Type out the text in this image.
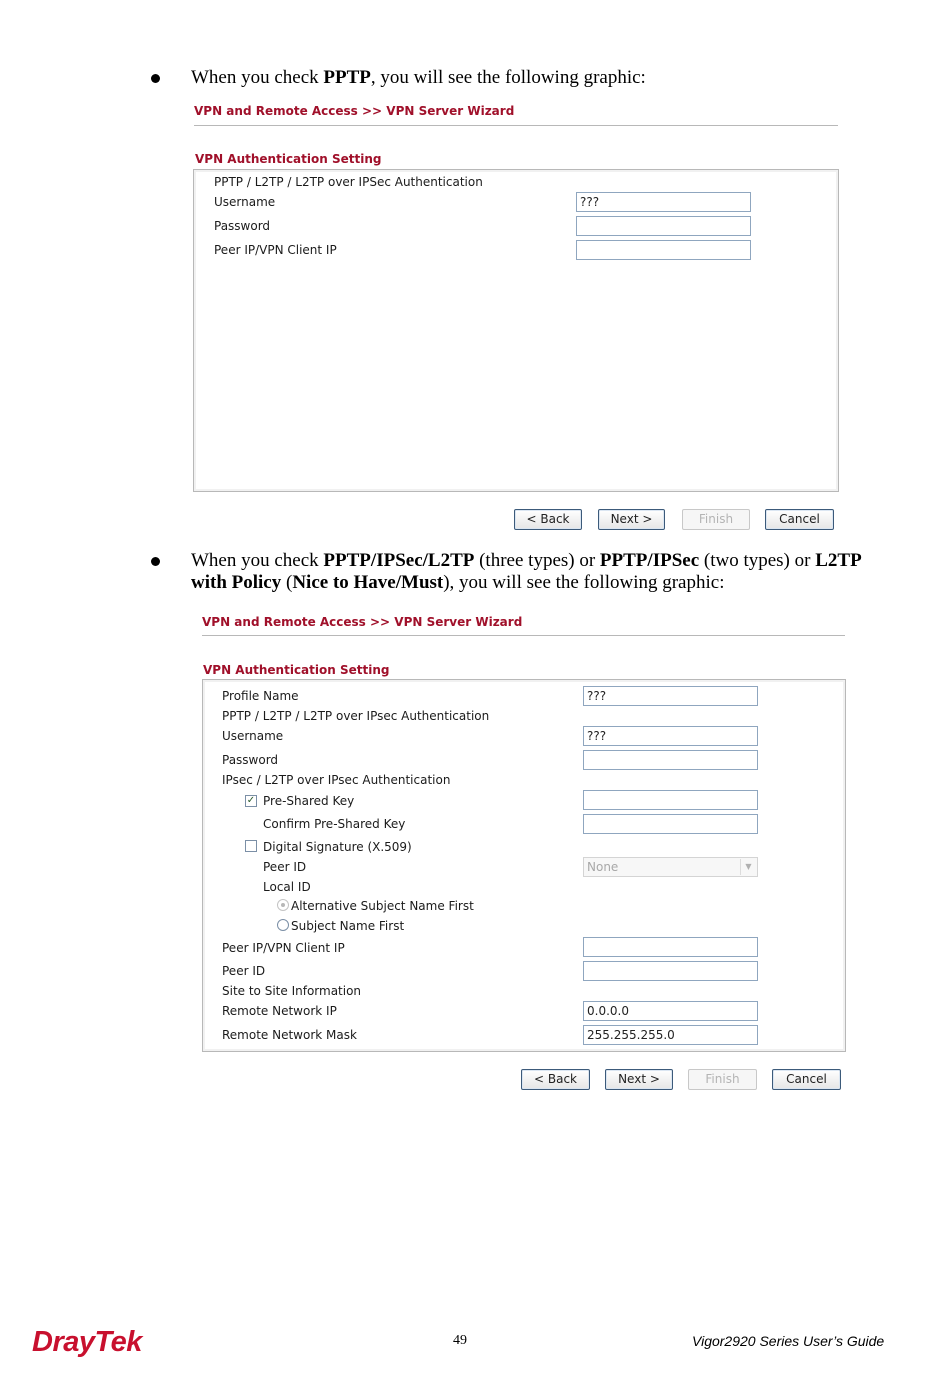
When you check PPTP, you will see the following graphic:
VPN and Remote Access >> VPN Server Wizard
VPN Authentication Setting
PPTP / L2TP / L2TP over IPSec Authentication
Username	???
Password
Peer IP/VPN Client IP
< Back	Next >	Finish	Cancel
When you check PPTP/IPSec/L2TP (three types) or PPTP/IPSec (two types) or L2TP
with Policy (Nice to Have/Must), you will see the following graphic:
VPN and Remote Access >> VPN Server Wizard
VPN Authentication Setting
Profile Name	???
PPTP / L2TP / L2TP over IPsec Authentication
Username	???
Password
IPsec / L2TP over IPsec Authentication
✓ Pre-Shared Key
Confirm Pre-Shared Key
Digital Signature (X.509)
Peer ID	None	▼
Local ID
Alternative Subject Name First
Subject Name First
Peer IP/VPN Client IP
Peer ID
Site to Site Information
Remote Network IP	0.0.0.0
Remote Network Mask	255.255.255.0
< Back	Next >	Finish	Cancel
DrayTek	49	Vigor2920 Series User’s Guide
